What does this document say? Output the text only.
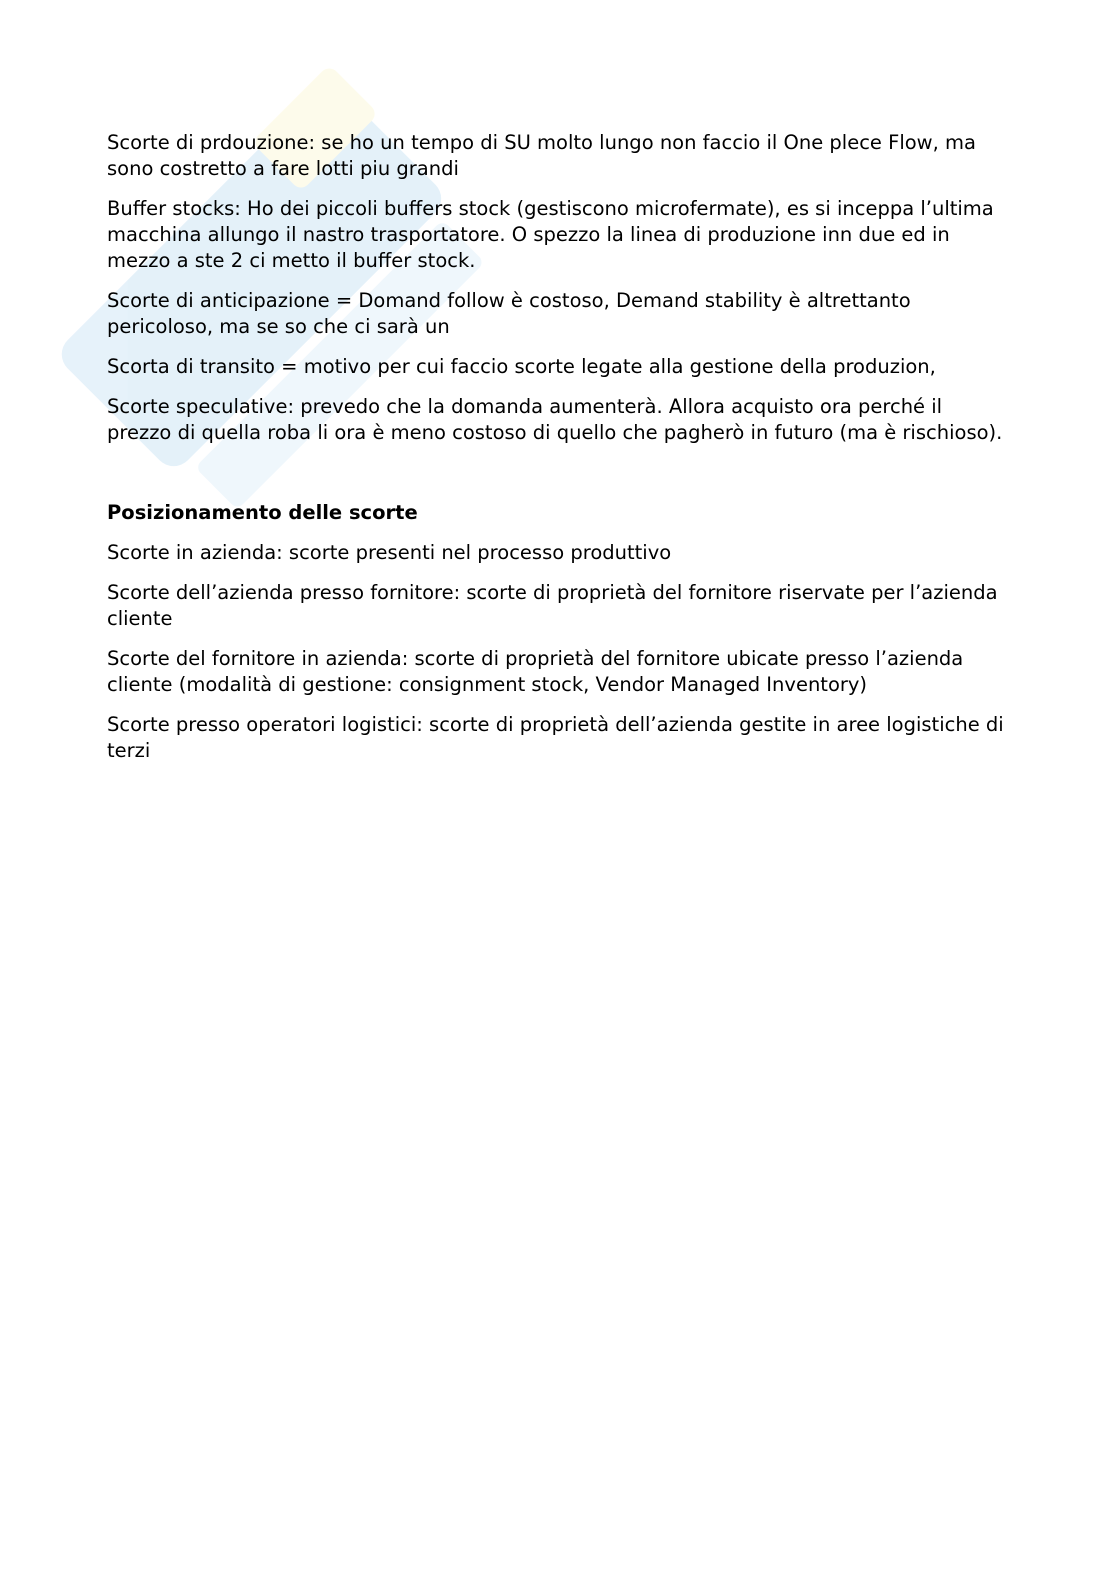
Scorte di prdouzione: se ho un tempo di SU molto lungo non faccio il One plece Flow, ma sono costretto a fare lotti piu grandi

Buffer stocks: Ho dei piccoli buffers stock (gestiscono microfermate), es si inceppa l’ultima macchina allungo il nastro trasportatore. O spezzo la linea di produzione inn due ed in mezzo a ste 2 ci metto il buffer stock.

Scorte di anticipazione = Domand follow è costoso, Demand stability è altrettanto pericoloso, ma se so che ci sarà un

Scorta di transito = motivo per cui faccio scorte legate alla gestione della produzion,

Scorte speculative: prevedo che la domanda aumenterà. Allora acquisto ora perché il prezzo di quella roba li ora è meno costoso di quello che pagherò in futuro (ma è rischioso).

Posizionamento delle scorte

Scorte in azienda: scorte presenti nel processo produttivo

Scorte dell’azienda presso fornitore: scorte di proprietà del fornitore riservate per l’azienda cliente

Scorte del fornitore in azienda: scorte di proprietà del fornitore ubicate presso l’azienda cliente (modalità di gestione: consignment stock, Vendor Managed Inventory)

Scorte presso operatori logistici: scorte di proprietà dell’azienda gestite in aree logistiche di terzi
